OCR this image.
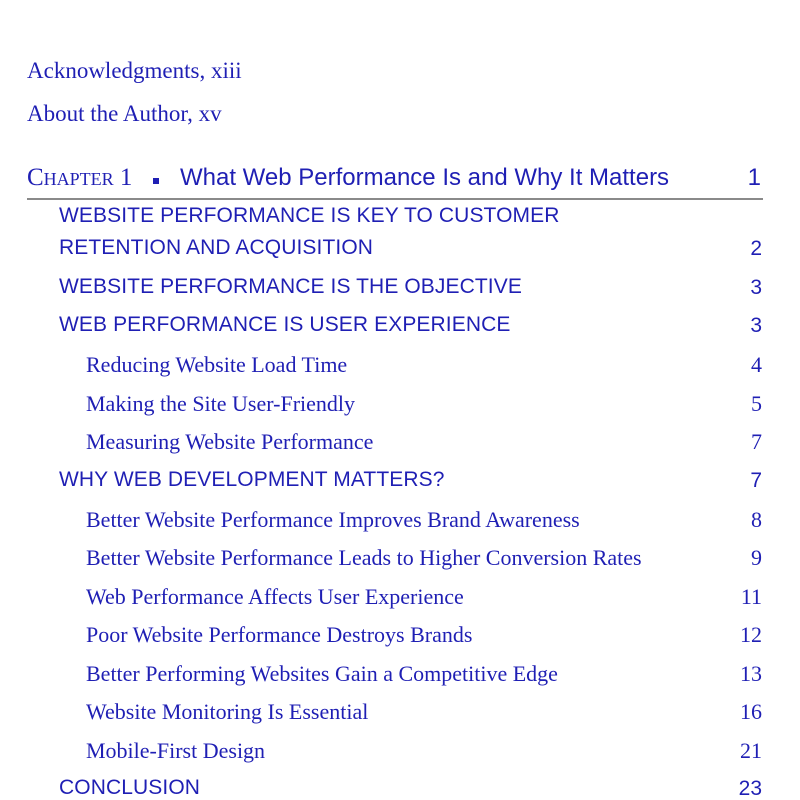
Acknowledgments, xiii
About the Author, xv
Chapter 1 What Web Performance Is and Why It Matters	1
WEBSITE PERFORMANCE IS KEY TO CUSTOMER
RETENTION AND ACQUISITION	2
WEBSITE PERFORMANCE IS THE OBJECTIVE	3
WEB PERFORMANCE IS USER EXPERIENCE	3
Reducing Website Load Time	4
Making the Site User-Friendly	5
Measuring Website Performance	7
WHY WEB DEVELOPMENT MATTERS?	7
Better Website Performance Improves Brand Awareness	8
Better Website Performance Leads to Higher Conversion Rates	9
Web Performance Affects User Experience	11
Poor Website Performance Destroys Brands	12
Better Performing Websites Gain a Competitive Edge	13
Website Monitoring Is Essential	16
Mobile-First Design	21
CONCLUSION	23
